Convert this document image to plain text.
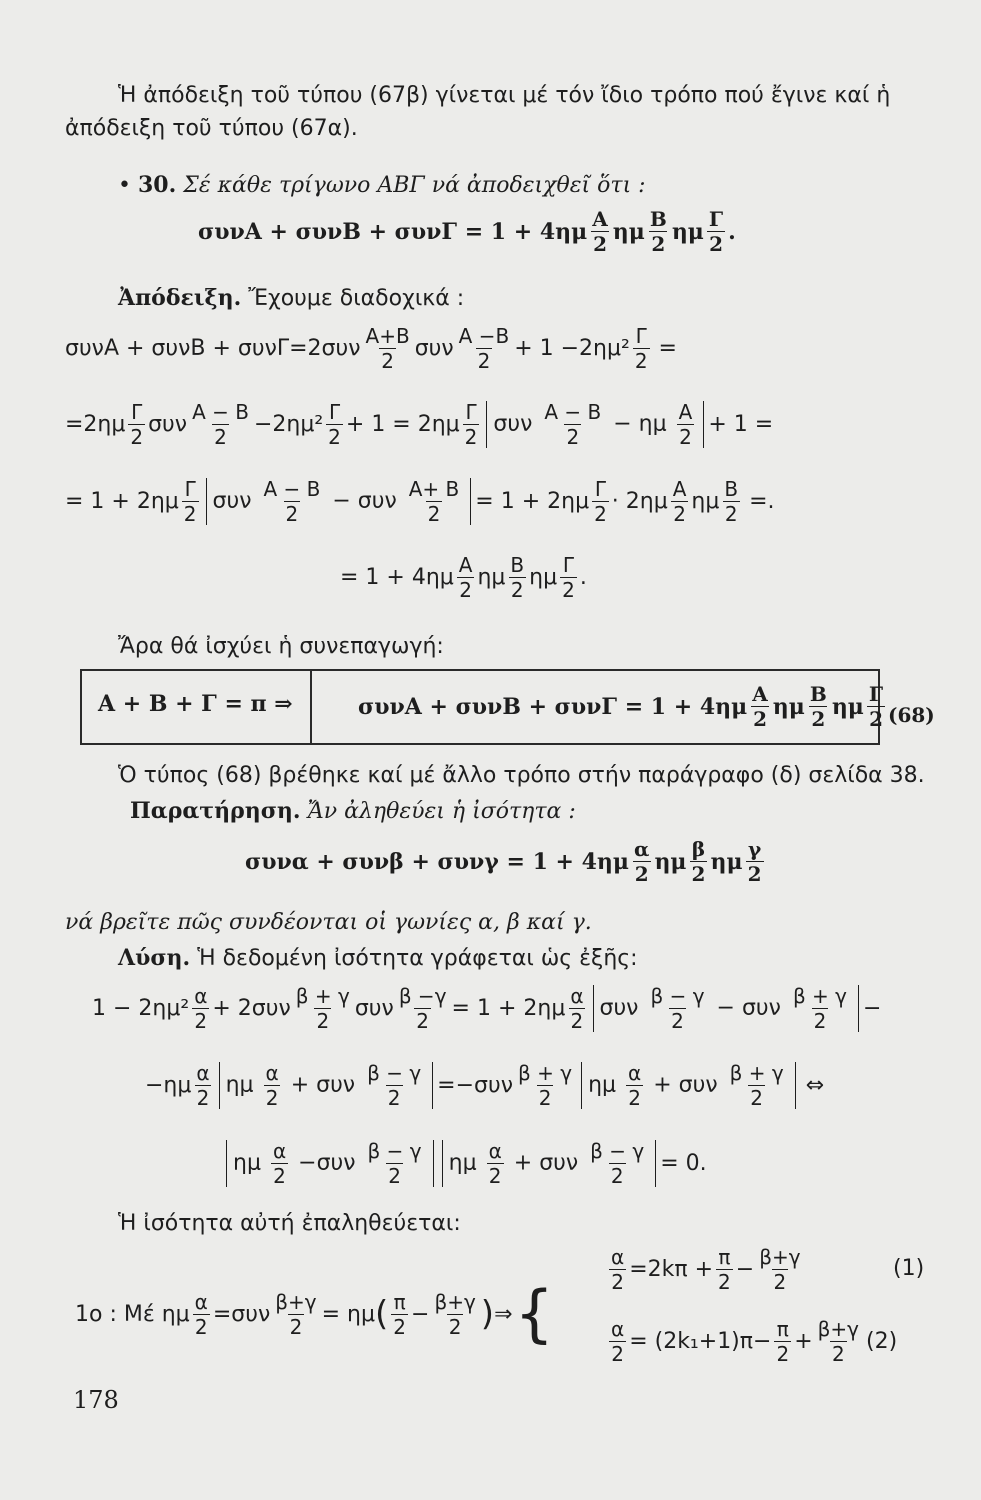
Ἡ ἀπόδειξη τοῦ τύπου (67β) γίνεται μέ τόν ἴδιο τρόπο πού ἔγινε καί ἡ
ἀπόδειξη τοῦ τύπου (67α).
• 30. Σέ κάθε τρίγωνο ΑΒΓ νά ἀποδειχθεῖ ὅτι :
$\sigma\upsilon\nu A + \sigma\upsilon\nu B + \sigma\upsilon\nu\Gamma = 1 + 4\eta\mu \frac{A}{2}$ ημ $\frac{B}{2}$ ημ $\frac{\Gamma}{2}$ .
Ἀπόδειξη. Ἔχουμε διαδοχικά :
$\sigma\upsilon\nu A + \sigma\upsilon\nu B + \sigma\upsilon\nu\Gamma=2\sigma\upsilon\nu \frac{A+B}{2}$ συν $\frac{A -B}{2} + 1 -2\eta\mu^2 \frac{\Gamma}{2}$ =
$=2\eta\mu \frac{\Gamma}{2}$ συν $\frac{A - B}{2} -2\eta\mu^2 \frac{\Gamma}{2} + 1 = 2\eta\mu \frac{\Gamma}{2}$ συν $\frac{A - B}{2} - \eta\mu \frac{A}{2} + 1$ =
= $1 + 2\eta\mu \frac{\Gamma}{2}$ συν $\frac{A - B}{2} - \sigma\upsilon\nu \frac{A+ B}{2} = 1 + 2\eta\mu \frac{\Gamma}{2} \cdot 2\eta\mu \frac{A}{2}$ ημ $\frac{B}{2}$ =.
= $1 + 4\eta\mu \frac{A}{2}$ ημ $\frac{B}{2}$ ημ $\frac{\Gamma}{2}$ .
Ἄρα θά ἰσχύει ἡ συνεπαγωγή:
Α + Β + Γ = π ⇒	$\sigma\upsilon\nu A + \sigma\upsilon\nu B + \sigma\upsilon\nu\Gamma = 1 + 4\eta\mu \frac{A}{2}$ ημ $\frac{B}{2}$ ημ $\frac{\Gamma}{2} (68)$
Ὁ τύπος (68) βρέθηκε καί μέ ἄλλο τρόπο στήν παράγραφο (δ) σελίδα 38.
Παρατήρηση. Ἄν ἀληθεύει ἡ ἰσότητα :
$\sigma\upsilon\nu\alpha + \sigma\upsilon\nu\beta + \sigma\upsilon\nu\gamma = 1 + 4\eta\mu \frac{\alpha}{2}$ ημ $\frac{\beta}{2}$ ημ $\frac{\gamma}{2}$
νά βρεῖτε πῶς συνδέονται οἱ γωνίες α, β καί γ.
Λύση. Ἡ δεδομένη ἰσότητα γράφεται ὡς ἐξῆς:
$1 - 2\eta\mu^2 \frac{\alpha}{2} + 2\sigma\upsilon\nu \frac{\beta + \gamma}{2}$ συν $\frac{\beta -\gamma}{2} = 1 + 2\eta\mu \frac{\alpha}{2}$ συν $\frac{\beta - \gamma}{2} - \sigma\upsilon\nu \frac{\beta + \gamma}{2}$ −
$-\eta\mu \frac{\alpha}{2}$ ημ $\frac{\alpha}{2} + \sigma\upsilon\nu \frac{\beta - \gamma}{2} =-\sigma\upsilon\nu \frac{\beta + \gamma}{2}$ ημ $\frac{\alpha}{2} + \sigma\upsilon\nu \frac{\beta + \gamma}{2}$ ⇔
ημ $\frac{\alpha}{2} -\sigma\upsilon\nu \frac{\beta - \gamma}{2}$	ημ $\frac{\alpha}{2} + \sigma\upsilon\nu \frac{\beta - \gamma}{2} = 0$.
Ἡ ἰσότητα αὐτή ἐπαληθεύεται:
1ο : Μέ ημ $\frac{\alpha}{2} =\sigma\upsilon\nu \frac{\beta+\gamma}{2} = \eta\mu$ ( $\frac{\pi}{2} - \frac{\beta+\gamma}{2}$ ) ⇒ {
$\frac{\alpha}{2} =2k\pi + \frac{\pi}{2} - \frac{\beta+\gamma}{2}$	(1)
$\frac{\alpha}{2} = (2k_1+1)\pi- \frac{\pi}{2} + \frac{\beta+\gamma}{2} (2)$
178
